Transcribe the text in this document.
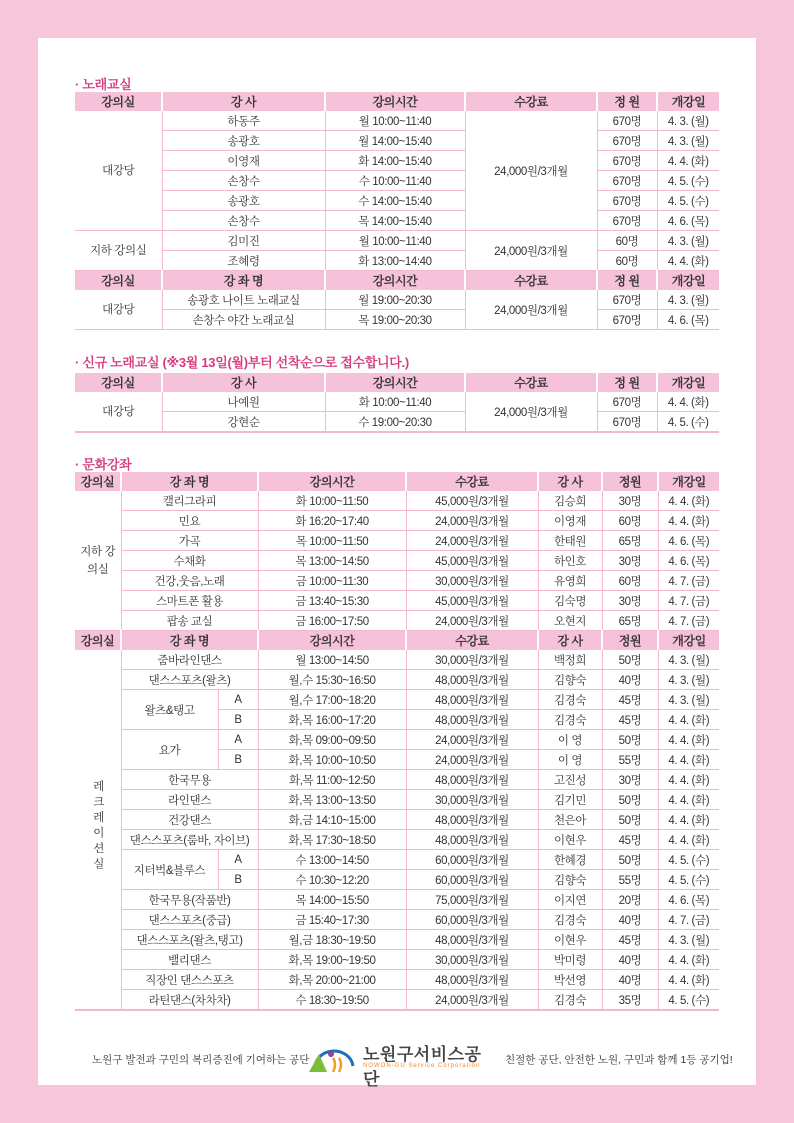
· 노래교실
강의실	강 사	강의시간	수강료	정 원	개강일
대강당	하동주	월 10:00~11:40	24,000원/3개월	670명	4. 3. (월)
	송광호	월 14:00~15:40		670명	4. 3. (월)
	이영재	화 14:00~15:40		670명	4. 4. (화)
	손창수	수 10:00~11:40		670명	4. 5. (수)
	송광호	수 14:00~15:40		670명	4. 5. (수)
	손창수	목 14:00~15:40		670명	4. 6. (목)
지하 강의실	김미진	월 10:00~11:40	24,000원/3개월	60명	4. 3. (월)
	조혜령	화 13:00~14:40		60명	4. 4. (화)
강의실	강 좌 명	강의시간	수강료	정 원	개강일
대강당	송광호 나이트 노래교실	월 19:00~20:30	24,000원/3개월	670명	4. 3. (월)
	손창수 야간 노래교실	목 19:00~20:30		670명	4. 6. (목)
· 신규 노래교실 (※3월 13일(월)부터 선착순으로 접수합니다.)
강의실	강 사	강의시간	수강료	정 원	개강일
대강당	나예원	화 10:00~11:40	24,000원/3개월	670명	4. 4. (화)
	강현순	수 19:00~20:30		670명	4. 5. (수)
· 문화강좌
강의실	강 좌 명		강의시간	수강료	강 사	정원	개강일
지하 강의실	캘리그라피		화 10:00~11:50	45,000원/3개월	김승희	30명	4. 4. (화)
	민요		화 16:20~17:40	24,000원/3개월	이영재	60명	4. 4. (화)
	가곡		목 10:00~11:50	24,000원/3개월	한태원	65명	4. 6. (목)
	수채화		목 13:00~14:50	45,000원/3개월	하인호	30명	4. 6. (목)
	건강,웃음,노래		금 10:00~11:30	30,000원/3개월	유영희	60명	4. 7. (금)
	스마트폰 활용		금 13:40~15:30	45,000원/3개월	김숙명	30명	4. 7. (금)
	팝송 교실		금 16:00~17:50	24,000원/3개월	오현지	65명	4. 7. (금)
강의실	강 좌 명		강의시간	수강료	강 사	정원	개강일
레크레이션실	줌바라인댄스		월 13:00~14:50	30,000원/3개월	백정희	50명	4. 3. (월)
	댄스스포츠(왈츠)		월,수 15:30~16:50	48,000원/3개월	김향숙	40명	4. 3. (월)
	왈츠&탱고	A	월,수 17:00~18:20	48,000원/3개월	김경숙	45명	4. 3. (월)
		B	화,목 16:00~17:20	48,000원/3개월	김경숙	45명	4. 4. (화)
	요가	A	화,목 09:00~09:50	24,000원/3개월	이 영	50명	4. 4. (화)
		B	화,목 10:00~10:50	24,000원/3개월	이 영	55명	4. 4. (화)
	한국무용		화,목 11:00~12:50	48,000원/3개월	고진성	30명	4. 4. (화)
	라인댄스		화,목 13:00~13:50	30,000원/3개월	김기민	50명	4. 4. (화)
	건강댄스		화,금 14:10~15:00	48,000원/3개월	천은아	50명	4. 4. (화)
	댄스스포츠(룸바, 자이브)		화,목 17:30~18:50	48,000원/3개월	이현우	45명	4. 4. (화)
	지터벅&블루스	A	수 13:00~14:50	60,000원/3개월	한혜경	50명	4. 5. (수)
		B	수 10:30~12:20	60,000원/3개월	김향숙	55명	4. 5. (수)
	한국무용(작품반)		목 14:00~15:50	75,000원/3개월	이지연	20명	4. 6. (목)
	댄스스포츠(중급)		금 15:40~17:30	60,000원/3개월	김경숙	40명	4. 7. (금)
	댄스스포츠(왈츠,탱고)		월,금 18:30~19:50	48,000원/3개월	이현우	45명	4. 3. (월)
	밸리댄스		화,목 19:00~19:50	30,000원/3개월	박미령	40명	4. 4. (화)
	직장인 댄스스포츠		화,목 20:00~21:00	48,000원/3개월	박선영	40명	4. 4. (화)
	라틴댄스(차차차)		수 18:30~19:50	24,000원/3개월	김경숙	35명	4. 5. (수)
노원구 발전과 구민의 복리증진에 기여하는 공단	노원구서비스공단
NOWON-GU Service Corporation 친절한 공단, 안전한 노원, 구민과 함께 1등 공기업!
